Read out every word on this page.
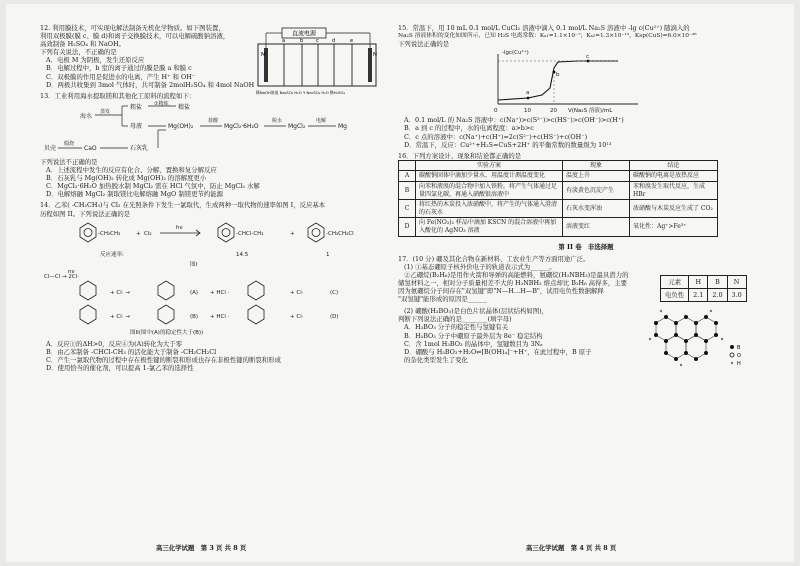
12. 利用膜技术，可实现电解法制备无机化学物质。如下图装置，

利用双极膜(膜 c、膜 d)和离子交换膜技术，可以电解硫酸钠溶液，

高效制备 H₂SO₄ 和 NaOH。

下列有关说法，不正确的是

直流电源
M	N
a	b	c	d	e
稀NaOH溶液 Na₂SO₄ H₂O Y Na₂SO₄ H₂O 稀H₂SO₄

A．电极 M 为阴极，发生还原反应

B．电解过程中，b 室的离子通过的膜是膜 a 和膜 c

C．双极膜的作用是促进水的电离，产生 H⁺ 和 OH⁻

D．两极共收集到 3mol 气体时，共可制备 2molH₂SO₄ 和 4mol NaOH

13．工业利用海水提取镁和其他化工原料的流程如下：

海水
蒸发
粗盐 ①精炼 精盐
母液	Mg(OH)₂
盐酸
MgCl₂·6H₂O
脱水
MgCl₂
电解
Mg
贝壳
煅烧
CaO	石灰乳

下列说法不正确的是

A．上述流程中发生的反应有化合、分解、置换和复分解反应

B．石灰乳与 Mg(OH)₂ 转化成 Mg(OH)₂ 的溶解度更小

C．MgCl₂·6H₂O 加热脱水制 MgCl₂ 需在 HCl 气氛中，防止 MgCl₂ 水解

D．电解熔融 MgCl₂ 制取镁比电解熔融 MgO 制镁更节约能源

14．乙苯( -CH₂CH₃)与 Cl₂ 在光照条件下发生一氯取代，生成两种一取代物的速率如图 I，反应基本

历程如图 II。下列说法正确的是

-CH₂CH₃	+ Cl₂
hν
-CHCl-CH₃	+	-CH₂CH₂Cl
反应速率:	14.5	1
图I

Cl—Cl → 2Cl·
hν
+ Cl· →	(A) + HCl ·
+ Cl· →	(B) + HCl ·
+ Cl·
+ Cl·
(C)
(D)
图II(图中(A)的稳定性大于(B))

A．反应①的ΔH>0，反应④为(A)转化为大于零

B．由乙苯制备 -CHCl-CH₃ 的活化能大于制备 -CH₂CH₂Cl

C．产生一氯取代物的过程中存在极性键的断裂和形成也存在非极性键的断裂和形成

D．使用恰当的催化剂，可以提高 1-氯乙苯的选择性

高三化学试题　第 3 页 共 8 页

15．常温下，用 10 mL 0.1 mol/L CuCl₂ 溶液中滴入 0.1 mol/L Na₂S 溶液中 -lg c(Cu²⁺) 随滴入的

Na₂S 溶液体积的变化如图所示，已知 H₂S 电离常数：Kₐ₁=1.1×10⁻⁷；Kₐ₂=1.3×10⁻¹³，Ksp(CuS)=6.0×10⁻³⁶

下列说法正确的是

-lgc(Cu²⁺)
a
b
c
0	10	20 V(Na₂S 溶液)/mL

A．0.1 mol/L 的 Na₂S 溶液中：c(Na⁺)>c(S²⁻)>c(HS⁻)>c(OH⁻)>c(H⁺)

B．a 到 c 的过程中，水的电离程度：a>b>c

C．c 点的溶液中：c(Na⁺)+c(H⁺)=2c(S²⁻)+c(HS⁻)+c(OH⁻)

D．常温下，反应：Cu²⁺+H₂S=CuS+2H⁺ 的平衡常数的数量级为 10¹³

16．下列方案设计、现象和结论都正确的是

	实验方案	现象	结论
A	碳酸钠固体中滴加少量水，用温度计测温度变化	温度上升	碳酸钠的电离是放热反应
B	向苯和液溴的混合物中加入铁粉，将产生气体通过足量四氯化碳，再通入硝酸银溶液中	有淡黄色沉淀产生	苯和溴发生取代反应，生成 HBr
C	将红热的木炭投入浓硝酸中，将产生的气体通入澄清的石灰水	石灰水变浑浊	浓硝酸与木炭反应生成了 CO₂
D	向 Fe(NO₃)₂ 样品中滴加 KSCN 的混合溶液中再加入酸化的 AgNO₃ 溶液	溶液变红	氧化性：Ag⁺>Fe³⁺

第 II 卷　非选择题

17．(10 分) 硼及其化合物在新材料、工农业生产等方面用途广泛。

(1) ①基态硼原子核外价电子的轨道表示式为______。

②乙硼烷(B₂H₆)是用作火箭和导弹的高能燃料，氨硼烷(H₃NBH₃)是最具潜力的

储氢材料之一，相对分子质量相差不大的 H₃NBH₃ 熔点却比 B₂H₆ 高得多，主要

因为氨硼烷分子间存在"双氢键"即"N—H…H—B"，试用电负性数据解释

"双氢键"能形成的原因是______

元素	H	B	N
电负性	2.1	2.0	3.0

(2) 硼酸(H₃BO₃)是白色片状晶体(层状结构如图)，

判断下列说法正确的是________(填字母)

A．H₃BO₃ 分子的稳定性与氢键有关

B．H₃BO₃ 分子中硼原子最外层为 8e⁻ 稳定结构

C．含 1mol H₃BO₃ 的晶体中，氢键数目为 3Nₐ

D．硼酸与 H₃BO₃+H₂O⇌[B(OH)₄]⁻+H⁺，在此过程中，B 原子

的杂化类型发生了变化

B
O
H
高三化学试题　第 4 页 共 8 页
